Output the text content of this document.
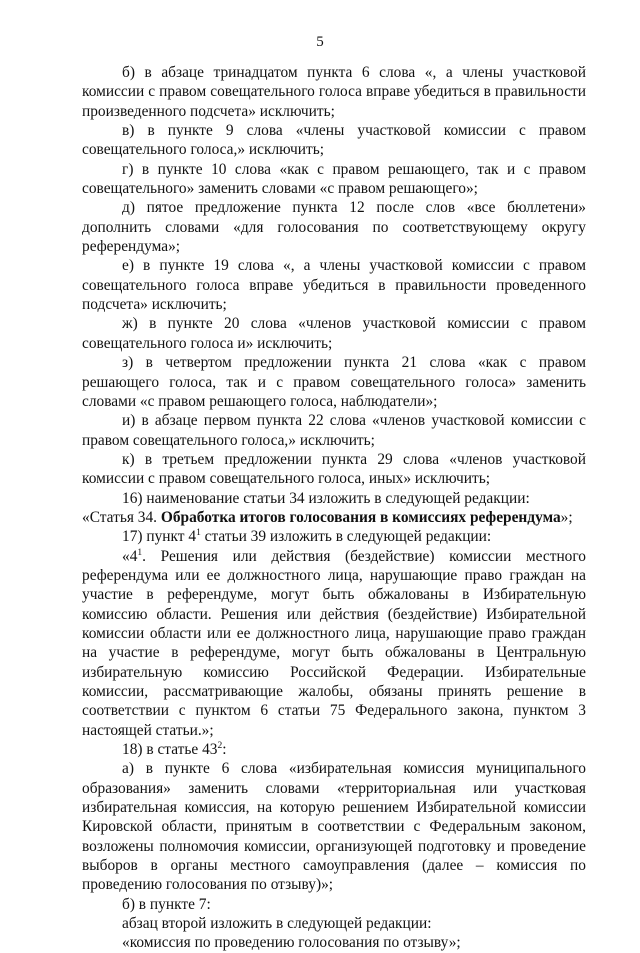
5

б) в абзаце тринадцатом пункта 6 слова «, а члены участковой комиссии с правом совещательного голоса вправе убедиться в правильности произведенного подсчета» исключить;

в) в пункте 9 слова «члены участковой комиссии с правом совещательного голоса,» исключить;

г) в пункте 10 слова «как с правом решающего, так и с правом совещательного» заменить словами «с правом решающего»;

д) пятое предложение пункта 12 после слов «все бюллетени» дополнить словами «для голосования по соответствующему округу референдума»;

е) в пункте 19 слова «, а члены участковой комиссии с правом совещательного голоса вправе убедиться в правильности проведенного подсчета» исключить;

ж) в пункте 20 слова «членов участковой комиссии с правом совещательного голоса и» исключить;

з) в четвертом предложении пункта 21 слова «как с правом решающего голоса, так и с правом совещательного голоса» заменить словами «с правом решающего голоса, наблюдатели»;

и) в абзаце первом пункта 22 слова «членов участковой комиссии с правом совещательного голоса,» исключить;

к) в третьем предложении пункта 29 слова «членов участковой комиссии с правом совещательного голоса, иных» исключить;

16) наименование статьи 34 изложить в следующей редакции:

«Статья 34. Обработка итогов голосования в комиссиях референдума»;

17) пункт $4^1$ статьи 39 изложить в следующей редакции:

«$4^1$. Решения или действия (бездействие) комиссии местного референдума или ее должностного лица, нарушающие право граждан на участие в референдуме, могут быть обжалованы в Избирательную комиссию области. Решения или действия (бездействие) Избирательной комиссии области или ее должностного лица, нарушающие право граждан на участие в референдуме, могут быть обжалованы в Центральную избирательную комиссию Российской Федерации. Избирательные комиссии, рассматривающие жалобы, обязаны принять решение в соответствии с пунктом 6 статьи 75 Федерального закона, пунктом 3 настоящей статьи.»;

18) в статье $43^2$:

а) в пункте 6 слова «избирательная комиссия муниципального образования» заменить словами «территориальная или участковая избирательная комиссия, на которую решением Избирательной комиссии Кировской области, принятым в соответствии с Федеральным законом, возложены полномочия комиссии, организующей подготовку и проведение выборов в органы местного самоуправления (далее – комиссия по проведению голосования по отзыву)»;

б) в пункте 7:

абзац второй изложить в следующей редакции:

«комиссия по проведению голосования по отзыву»;
